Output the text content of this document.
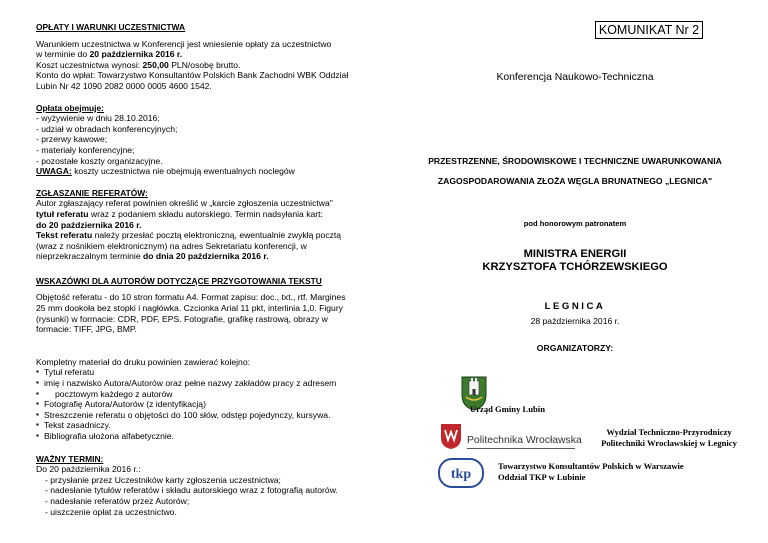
OPŁATY I WARUNKI UCZESTNICTWA

Warunkiem uczestnictwa w Konferencji jest wniesienie opłaty za uczestnictwo

w terminie do 20 października 2016 r.

Koszt uczestnictwa wynosi: 250,00 PLN/osobę brutto.

Konto do wpłat: Towarzystwo Konsultantów Polskich Bank Zachodni WBK Oddział

Lubin Nr 42 1090 2082 0000 0005 4600 1542.

Opłata obejmuje:

- wyżywienie w dniu 28.10.2016;

- udział w obradach konferencyjnych;

- przerwy kawowe;

- materiały konferencyjne;

- pozostałe koszty organizacyjne.

UWAGA: koszty uczestnictwa nie obejmują ewentualnych noclegów

ZGŁASZANIE REFERATÓW:

Autor zgłaszający referat powinien określić w „karcie zgłoszenia uczestnictwa"

tytuł referatu wraz z podaniem składu autorskiego. Termin nadsyłania kart:

do 20 października 2016 r.

Tekst referatu należy przesłać pocztą elektroniczną, ewentualnie zwykłą pocztą

(wraz z nośnikiem elektronicznym) na adres Sekretariatu konferencji, w

nieprzekraczalnym terminie do dnia 20 października 2016 r.

WSKAZÓWKI DLA AUTORÓW DOTYCZĄCE PRZYGOTOWANIA TEKSTU

Objętość referatu - do 10 stron formatu A4. Format zapisu: doc., txt., rtf. Margines

25 mm dookoła bez stopki i nagłówka. Czcionka Arial 11 pkt, interlinia 1,0. Figury

(rysunki) w formacie: CDR, PDF, EPS. Fotografie, grafikę rastrową, obrazy w

formacie: TIFF, JPG, BMP.

Kompletny materiał do druku powinien zawierać kolejno:

▪ Tytuł referatu
▪ imię i nazwisko Autora/Autorów oraz pełne nazwy zakładów pracy z adresem
▪ pocztowym każdego z autorów
▪ Fotografię Autora/Autorów (z identyfikacją)
▪ Streszczenie referatu o objętości do 100 słów, odstęp pojedynczy, kursywa.
▪ Tekst zasadniczy.
▪ Bibliografia ułożona alfabetycznie.
WAŻNY TERMIN:

Do 20 października 2016 r.:

- przysłanie przez Uczestników karty zgłoszenia uczestnictwa;

- nadesłanie tytułów referatów i składu autorskiego wraz z fotografią autorów.

- nadesłanie referatów przez Autorów;

- uiszczenie opłat za uczestnictwo.

KOMUNIKAT Nr 2
Konferencja Naukowo-Techniczna
PRZESTRZENNE, ŚRODOWISKOWE I TECHNICZNE UWARUNKOWANIA
ZAGOSPODAROWANIA ZŁOŻA WĘGLA BRUNATNEGO „LEGNICA"
pod honorowym patronatem
MINISTRA ENERGII
KRZYSZTOFA TCHÓRZEWSKIEGO
LEGNICA
28 października 2016 r.
ORGANIZATORZY:
Urząd Gminy Lubin
Politechnika Wrocławska
Wydział Techniczno-Przyrodniczy
Politechniki Wrocławskiej w Legnicy
tkp
Towarzystwo Konsultantów Polskich w Warszawie
Oddział TKP w Lubinie
